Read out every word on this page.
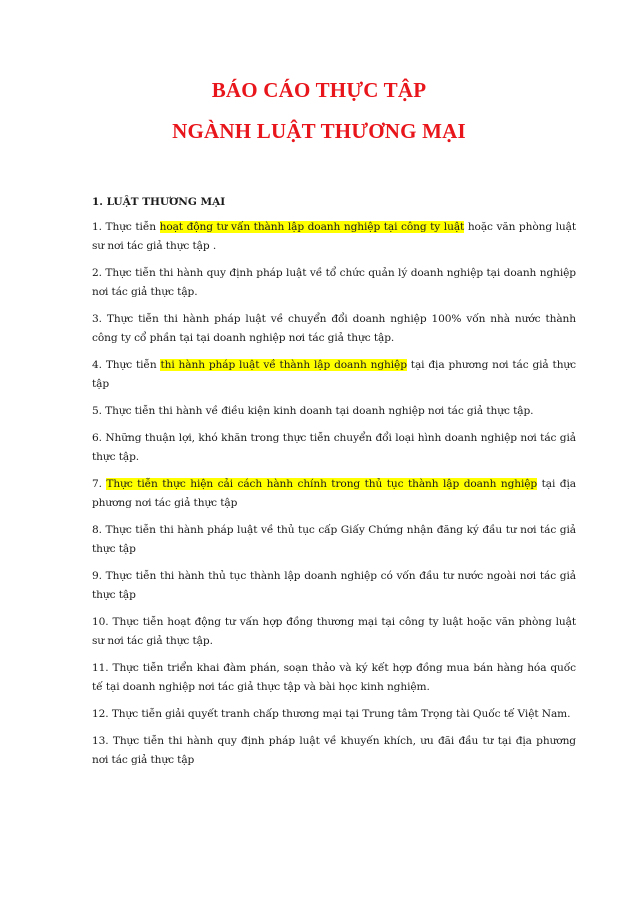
BÁO CÁO THỰC TẬP
NGÀNH LUẬT THƯƠNG MẠI
1. LUẬT THƯƠNG MẠI
1. Thực tiễn hoạt động tư vấn thành lập doanh nghiệp tại công ty luật hoặc văn phòng luật sư nơi tác giả thực tập .
2. Thực tiễn thi hành quy định pháp luật về tổ chức quản lý doanh nghiệp tại doanh nghiệp nơi tác giả thực tập.
3. Thực tiễn thi hành pháp luật về chuyển đổi doanh nghiệp 100% vốn nhà nước thành công ty cổ phần tại tại doanh nghiệp nơi tác giả thực tập.
4. Thực tiễn thi hành pháp luật về thành lập doanh nghiệp tại địa phương nơi tác giả thực tập
5. Thực tiễn thi hành về điều kiện kinh doanh tại doanh nghiệp nơi tác giả thực tập.
6. Những thuận lợi, khó khăn trong thực tiễn chuyển đổi loại hình doanh nghiệp nơi tác giả thực tập.
7. Thực tiễn thực hiện cải cách hành chính trong thủ tục thành lập doanh nghiệp tại địa phương nơi tác giả thực tập
8. Thực tiễn thi hành pháp luật về thủ tục cấp Giấy Chứng nhận đăng ký đầu tư nơi tác giả thực tập
9. Thực tiễn thi hành thủ tục thành lập doanh nghiệp có vốn đầu tư nước ngoài nơi tác giả thực tập
10. Thực tiễn hoạt động tư vấn hợp đồng thương mại tại công ty luật hoặc văn phòng luật sư nơi tác giả thực tập.
11. Thực tiễn triển khai đàm phán, soạn thảo và ký kết hợp đồng mua bán hàng hóa quốc tế tại doanh nghiệp nơi tác giả thực tập và bài học kinh nghiệm.
12. Thực tiễn giải quyết tranh chấp thương mại tại Trung tâm Trọng tài Quốc tế Việt Nam.
13. Thực tiễn thi hành quy định pháp luật về khuyến khích, ưu đãi đầu tư tại địa phương nơi tác giả thực tập
